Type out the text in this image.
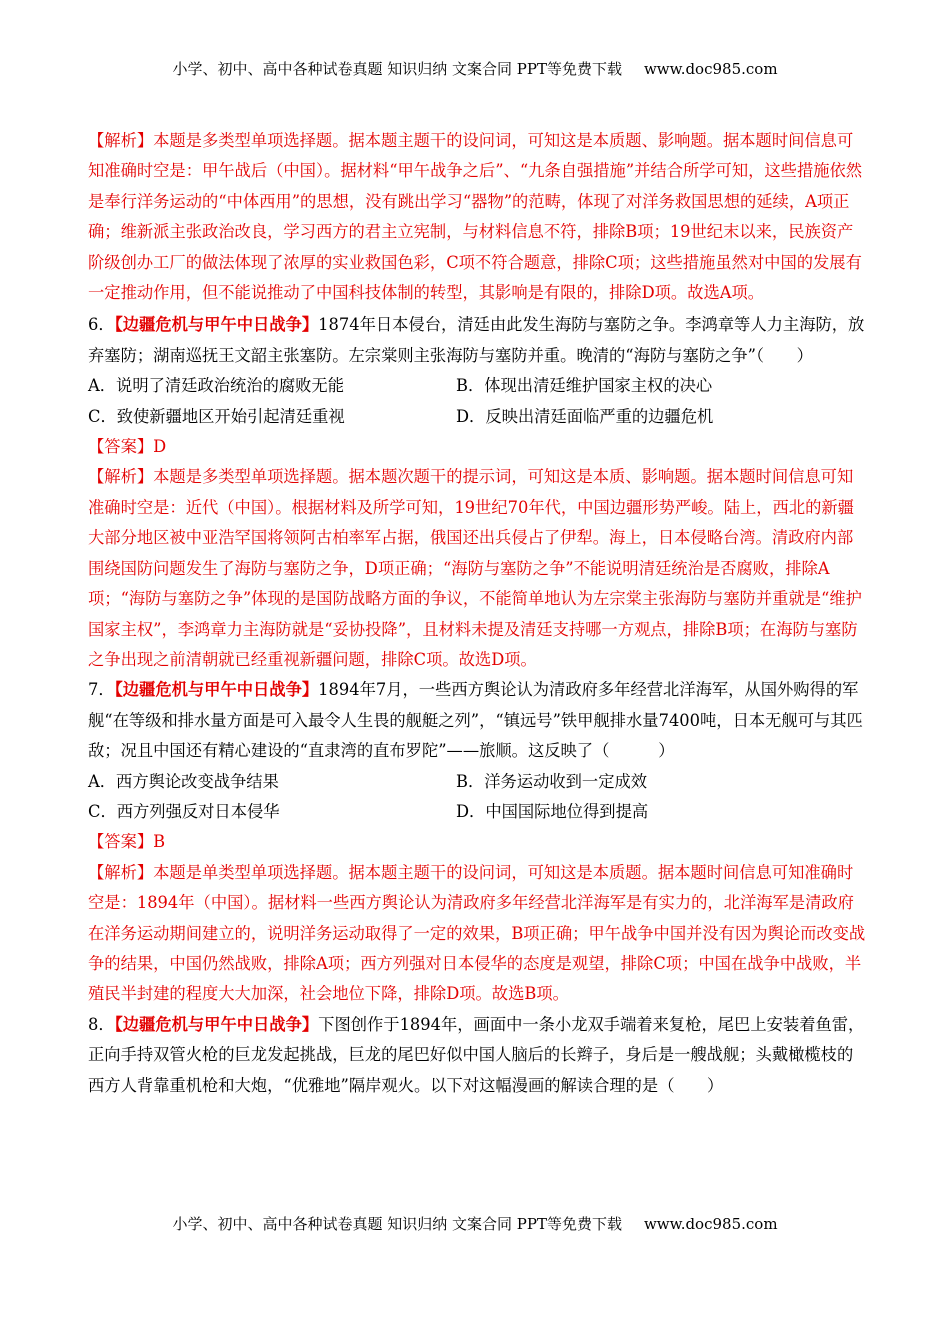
小学、初中、高中各种试卷真题 知识归纳 文案合同 PPT等免费下载 www.doc985.com

【解析】本题是多类型单项选择题。据本题主题干的设问词，可知这是本质题、影响题。据本题时间信息可知准确时空是：甲午战后（中国）。据材料“甲午战争之后”、“九条自强措施”并结合所学可知，这些措施依然是奉行洋务运动的“中体西用”的思想，没有跳出学习“器物”的范畴，体现了对洋务救国思想的延续，A项正确；维新派主张政治改良，学习西方的君主立宪制，与材料信息不符，排除B项；19世纪末以来，民族资产阶级创办工厂的做法体现了浓厚的实业救国色彩，C项不符合题意，排除C项；这些措施虽然对中国的发展有一定推动作用，但不能说推动了中国科技体制的转型，其影响是有限的，排除D项。故选A项。

6．【边疆危机与甲午中日战争】1874年日本侵台，清廷由此发生海防与塞防之争。李鸿章等人力主海防，放弃塞防；湖南巡抚王文韶主张塞防。左宗棠则主张海防与塞防并重。晚清的“海防与塞防之争”（　　）

A．说明了清廷政治统治的腐败无能	B．体现出清廷维护国家主权的决心
C．致使新疆地区开始引起清廷重视	D．反映出清廷面临严重的边疆危机

【答案】D

【解析】本题是多类型单项选择题。据本题次题干的提示词，可知这是本质、影响题。据本题时间信息可知准确时空是：近代（中国）。根据材料及所学可知，19世纪70年代，中国边疆形势严峻。陆上，西北的新疆大部分地区被中亚浩罕国将领阿古柏率军占据，俄国还出兵侵占了伊犁。海上，日本侵略台湾。清政府内部围绕国防问题发生了海防与塞防之争，D项正确；“海防与塞防之争”不能说明清廷统治是否腐败，排除A项；“海防与塞防之争”体现的是国防战略方面的争议，不能简单地认为左宗棠主张海防与塞防并重就是“维护国家主权”，李鸿章力主海防就是“妥协投降”，且材料未提及清廷支持哪一方观点，排除B项；在海防与塞防之争出现之前清朝就已经重视新疆问题，排除C项。故选D项。

7．【边疆危机与甲午中日战争】1894年7月，一些西方舆论认为清政府多年经营北洋海军，从国外购得的军舰“在等级和排水量方面是可入最令人生畏的舰艇之列”，“镇远号”铁甲舰排水量7400吨，日本无舰可与其匹敌；况且中国还有精心建设的“直隶湾的直布罗陀”——旅顺。这反映了（　　　）

A．西方舆论改变战争结果	B．洋务运动收到一定成效
C．西方列强反对日本侵华	D．中国国际地位得到提高

【答案】B

【解析】本题是单类型单项选择题。据本题主题干的设问词，可知这是本质题。据本题时间信息可知准确时空是：1894年（中国）。据材料一些西方舆论认为清政府多年经营北洋海军是有实力的，北洋海军是清政府在洋务运动期间建立的，说明洋务运动取得了一定的效果，B项正确；甲午战争中国并没有因为舆论而改变战争的结果，中国仍然战败，排除A项；西方列强对日本侵华的态度是观望，排除C项；中国在战争中战败，半殖民半封建的程度大大加深，社会地位下降，排除D项。故选B项。

8．【边疆危机与甲午中日战争】下图创作于1894年，画面中一条小龙双手端着来复枪，尾巴上安装着鱼雷，正向手持双管火枪的巨龙发起挑战，巨龙的尾巴好似中国人脑后的长辫子，身后是一艘战舰；头戴橄榄枝的西方人背靠重机枪和大炮，“优雅地”隔岸观火。以下对这幅漫画的解读合理的是（　　）

小学、初中、高中各种试卷真题 知识归纳 文案合同 PPT等免费下载 www.doc985.com
